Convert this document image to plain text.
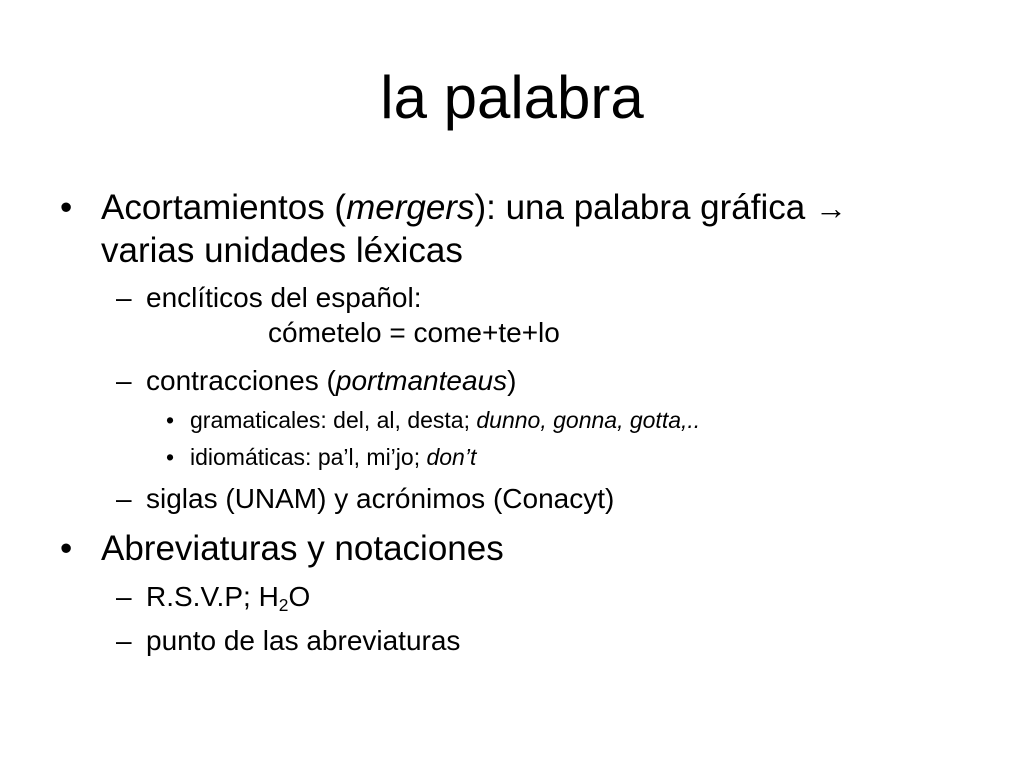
la palabra
• Acortamientos (mergers): una palabra gráfica →
varias unidades léxicas
– enclíticos del español:
cómetelo = come+te+lo
– contracciones (portmanteaus)
• gramaticales: del, al, desta; dunno, gonna, gotta,..
• idiomáticas: pa’l, mi’jo; don’t
– siglas (UNAM) y acrónimos (Conacyt)
• Abreviaturas y notaciones
– R.S.V.P; $H_2O$
– punto de las abreviaturas
